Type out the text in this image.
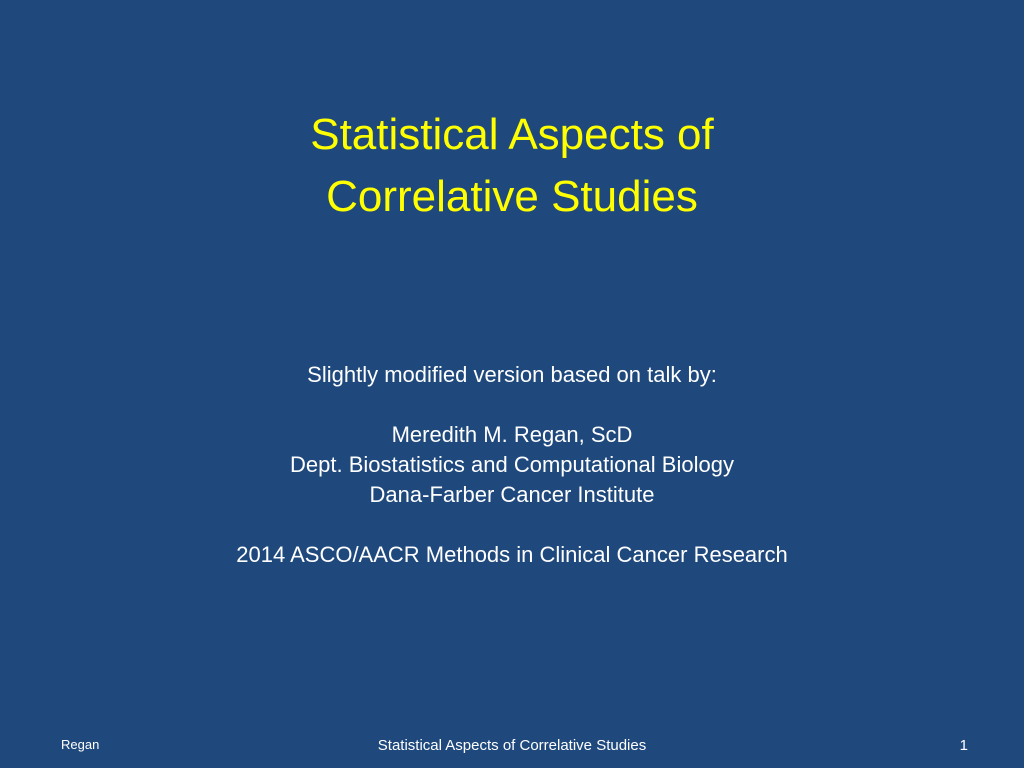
Statistical Aspects of
Correlative Studies
Slightly modified version based on talk by:
Meredith M. Regan, ScD
Dept. Biostatistics and Computational Biology
Dana-Farber Cancer Institute
2014 ASCO/AACR Methods in Clinical Cancer Research
Regan	Statistical Aspects of Correlative Studies	1
